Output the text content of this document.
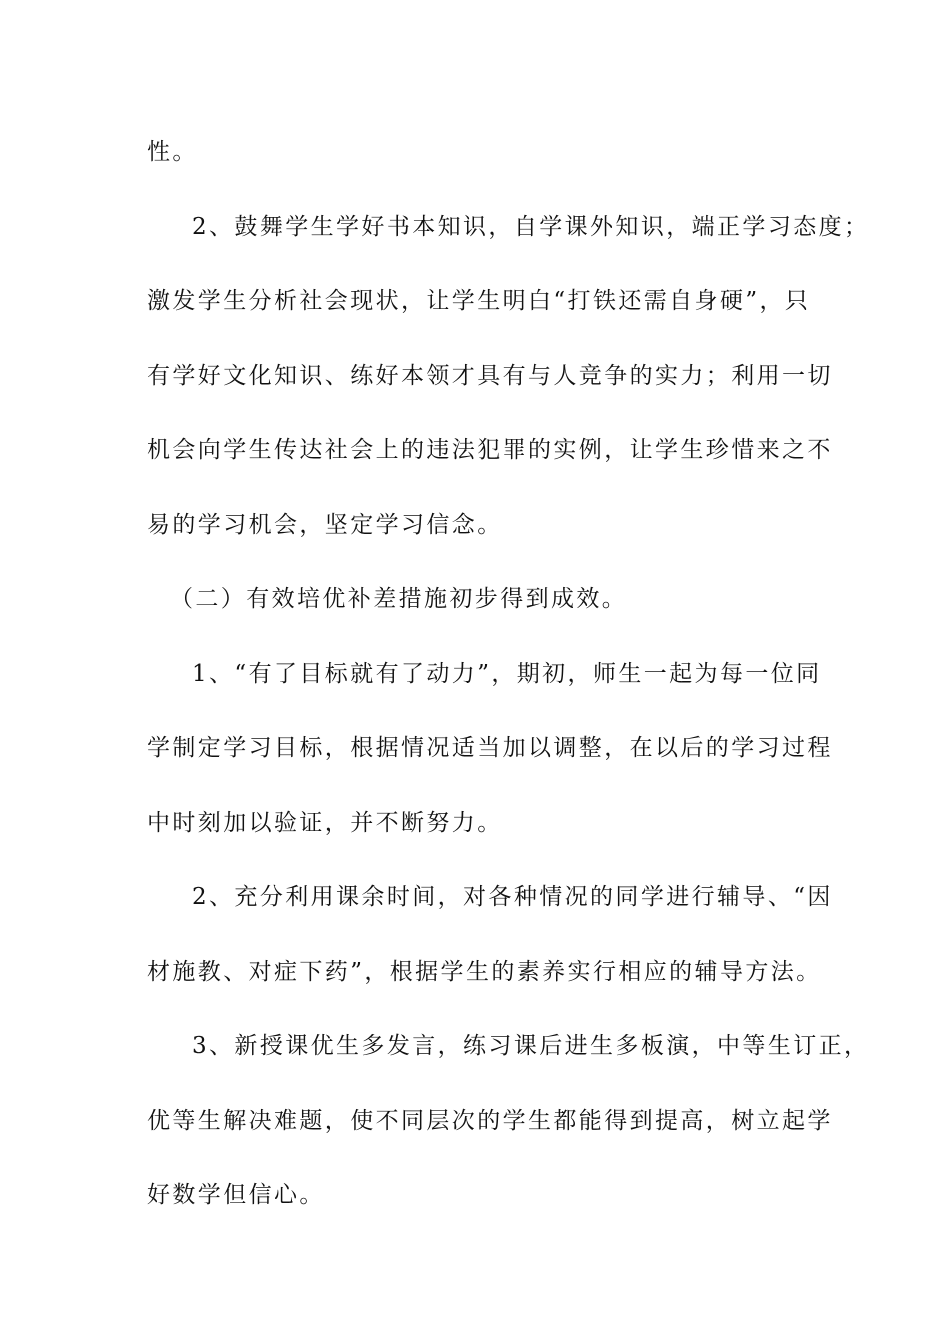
性。
2、鼓舞学生学好书本知识，自学课外知识，端正学习态度；
激发学生分析社会现状，让学生明白“打铁还需自身硬”，只
有学好文化知识、练好本领才具有与人竞争的实力；利用一切
机会向学生传达社会上的违法犯罪的实例，让学生珍惜来之不
易的学习机会，坚定学习信念。
（二）有效培优补差措施初步得到成效。
1、“有了目标就有了动力”，期初，师生一起为每一位同
学制定学习目标，根据情况适当加以调整，在以后的学习过程
中时刻加以验证，并不断努力。
2、充分利用课余时间，对各种情况的同学进行辅导、“因
材施教、对症下药”，根据学生的素养实行相应的辅导方法。
3、新授课优生多发言，练习课后进生多板演，中等生订正，
优等生解决难题，使不同层次的学生都能得到提高，树立起学
好数学但信心。
